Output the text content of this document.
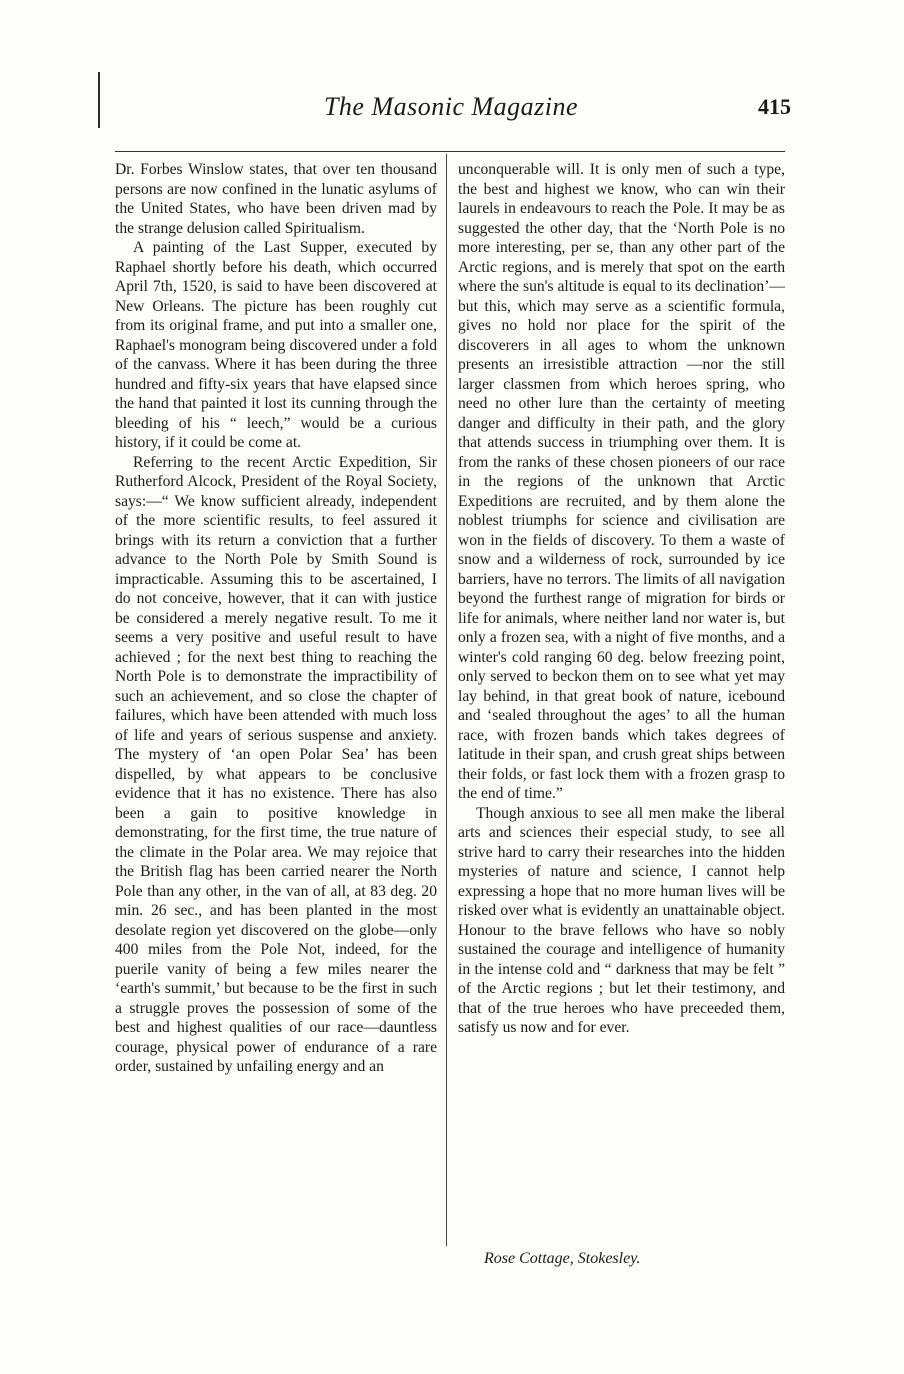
The Masonic Magazine	415

Dr. Forbes Winslow states, that over ten thousand persons are now confined in the lunatic asylums of the United States, who have been driven mad by the strange delusion called Spiritualism.

A painting of the Last Supper, executed by Raphael shortly before his death, which occurred April 7th, 1520, is said to have been discovered at New Orleans. The picture has been roughly cut from its original frame, and put into a smaller one, Raphael's monogram being discovered under a fold of the canvass. Where it has been during the three hundred and fifty-six years that have elapsed since the hand that painted it lost its cunning through the bleeding of his “ leech,” would be a curious history, if it could be come at.

Referring to the recent Arctic Expedition, Sir Rutherford Alcock, President of the Royal Society, says:—“ We know sufficient already, independent of the more scientific results, to feel assured it brings with its return a conviction that a further advance to the North Pole by Smith Sound is impracticable. Assuming this to be ascertained, I do not conceive, however, that it can with justice be considered a merely negative result. To me it seems a very positive and useful result to have achieved ; for the next best thing to reaching the North Pole is to demonstrate the impractibility of such an achievement, and so close the chapter of failures, which have been attended with much loss of life and years of serious suspense and anxiety. The mystery of ‘an open Polar Sea’ has been dispelled, by what appears to be conclusive evidence that it has no existence. There has also been a gain to positive knowledge in demonstrating, for the first time, the true nature of the climate in the Polar area. We may rejoice that the British flag has been carried nearer the North Pole than any other, in the van of all, at 83 deg. 20 min. 26 sec., and has been planted in the most desolate region yet discovered on the globe—only 400 miles from the Pole Not, indeed, for the puerile vanity of being a few miles nearer the ‘earth's summit,’ but because to be the first in such a struggle proves the possession of some of the best and highest qualities of our race—dauntless courage, physical power of endurance of a rare order, sustained by unfailing energy and an

unconquerable will. It is only men of such a type, the best and highest we know, who can win their laurels in endeavours to reach the Pole. It may be as suggested the other day, that the ‘North Pole is no more interesting, per se, than any other part of the Arctic regions, and is merely that spot on the earth where the sun's altitude is equal to its declination’—but this, which may serve as a scientific formula, gives no hold nor place for the spirit of the discoverers in all ages to whom the unknown presents an irresistible attraction —nor the still larger classmen from which heroes spring, who need no other lure than the certainty of meeting danger and difficulty in their path, and the glory that attends success in triumphing over them. It is from the ranks of these chosen pioneers of our race in the regions of the unknown that Arctic Expeditions are recruited, and by them alone the noblest triumphs for science and civilisation are won in the fields of discovery. To them a waste of snow and a wilderness of rock, surrounded by ice barriers, have no terrors. The limits of all navigation beyond the furthest range of migration for birds or life for animals, where neither land nor water is, but only a frozen sea, with a night of five months, and a winter's cold ranging 60 deg. below freezing point, only served to beckon them on to see what yet may lay behind, in that great book of nature, icebound and ‘sealed throughout the ages’ to all the human race, with frozen bands which takes degrees of latitude in their span, and crush great ships between their folds, or fast lock them with a frozen grasp to the end of time.”

Though anxious to see all men make the liberal arts and sciences their especial study, to see all strive hard to carry their researches into the hidden mysteries of nature and science, I cannot help expressing a hope that no more human lives will be risked over what is evidently an unattainable object. Honour to the brave fellows who have so nobly sustained the courage and intelligence of humanity in the intense cold and “ darkness that may be felt ” of the Arctic regions ; but let their testimony, and that of the true heroes who have preceeded them, satisfy us now and for ever.

Rose Cottage, Stokesley.
